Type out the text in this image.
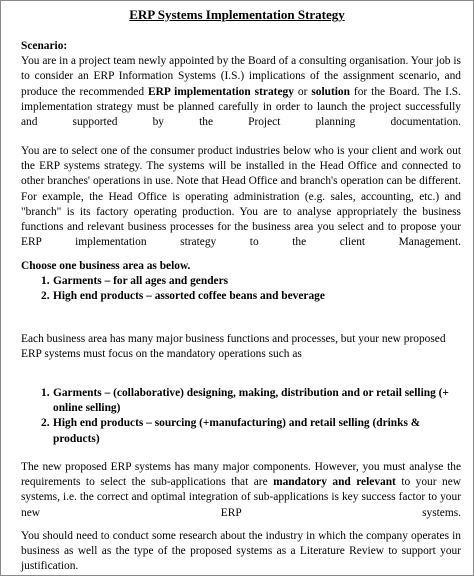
ERP Systems Implementation Strategy
Scenario:

You are in a project team newly appointed by the Board of a consulting organisation. Your job is to consider an ERP Information Systems (I.S.) implications of the assignment scenario, and produce the recommended ERP implementation strategy or solution for the Board. The I.S. implementation strategy must be planned carefully in order to launch the project successfully and supported by the Project planning documentation.

You are to select one of the consumer product industries below who is your client and work out the ERP systems strategy. The systems will be installed in the Head Office and connected to other branches' operations in use. Note that Head Office and branch's operation can be different. For example, the Head Office is operating administration (e.g. sales, accounting, etc.) and "branch" is its factory operating production. You are to analyse appropriately the business functions and relevant business processes for the business area you select and to propose your ERP implementation strategy to the client Management.

Choose one business area as below.
1. Garments – for all ages and genders
2. High end products – assorted coffee beans and beverage

Each business area has many major business functions and processes, but your new proposed ERP systems must focus on the mandatory operations such as

1. Garments – (collaborative) designing, making, distribution and or retail selling (+ online selling)
2. High end products – sourcing (+manufacturing) and retail selling (drinks & products)

The new proposed ERP systems has many major components. However, you must analyse the requirements to select the sub-applications that are mandatory and relevant to your new systems, i.e. the correct and optimal integration of sub-applications is key success factor to your new ERP systems.

You should need to conduct some research about the industry in which the company operates in business as well as the type of the proposed systems as a Literature Review to support your justification.
